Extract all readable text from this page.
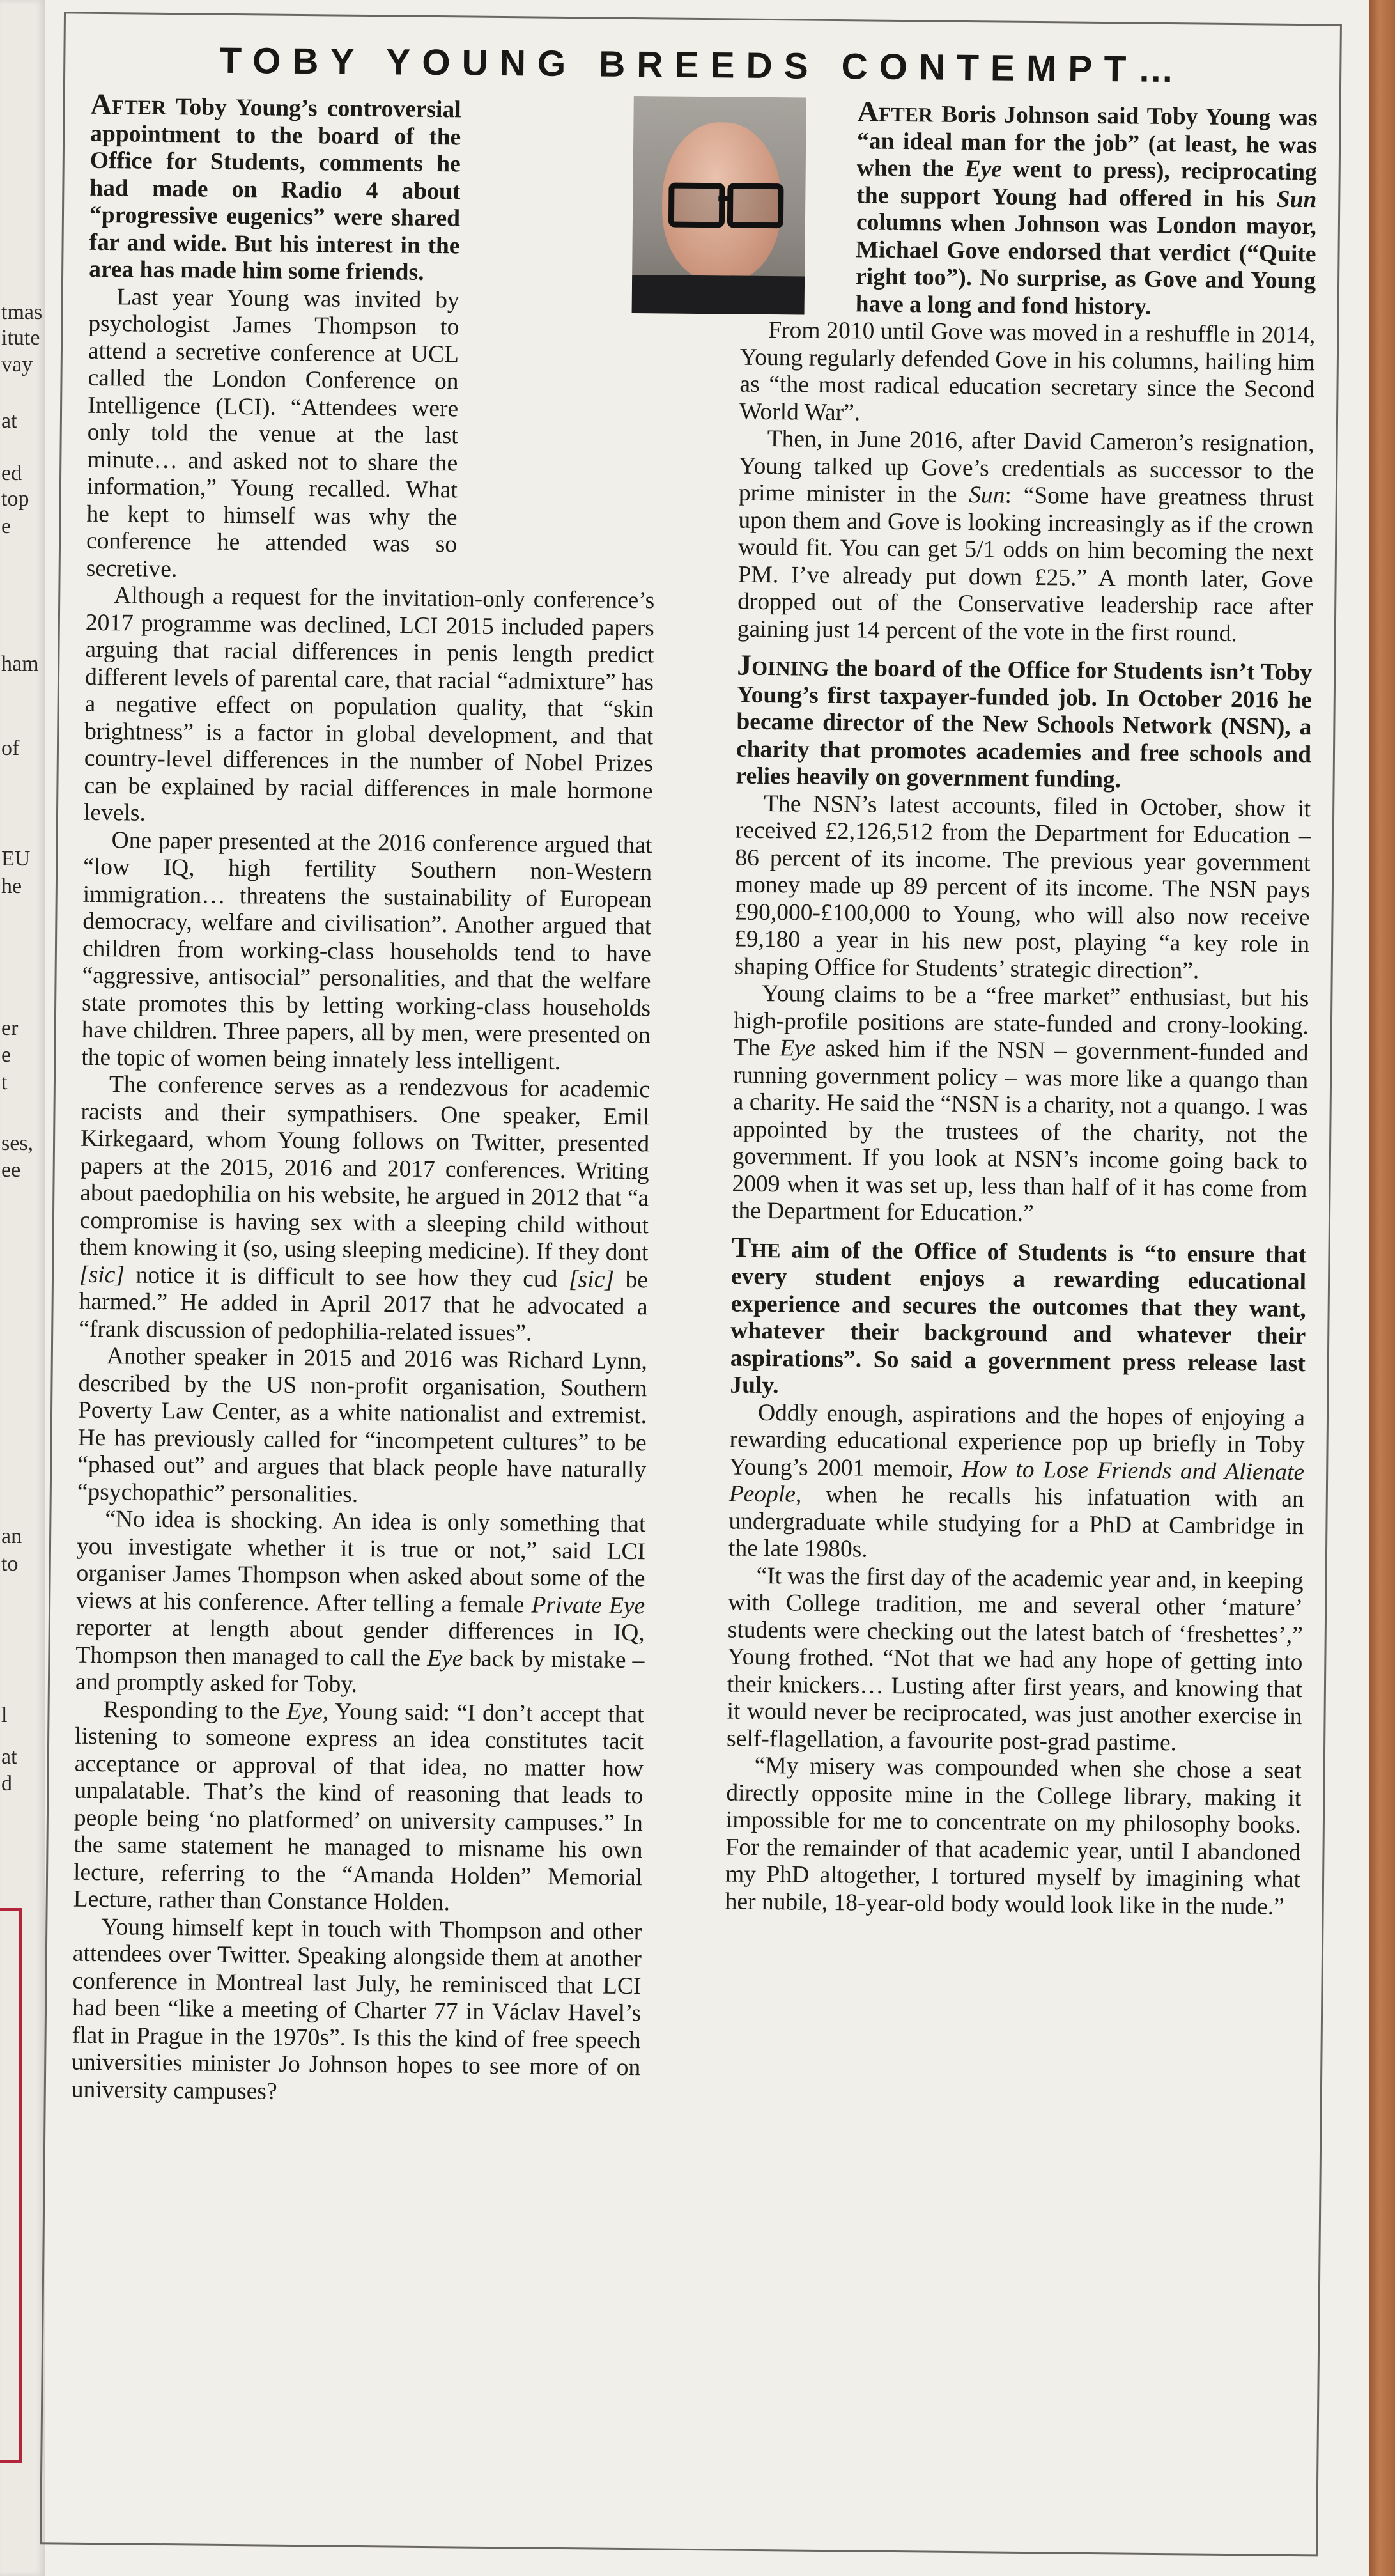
tmas
itute
vay
at
ed
top
e
ham
of
EU
he
er
e
t
ses,
ee
an
to
l
at
d
TOBY YOUNG BREEDS CONTEMPT…

After Toby Young’s controversial appointment to the board of the Office for Students, comments he had made on Radio 4 about “progressive eugenics” were shared far and wide. But his interest in the area has made him some friends.

Last year Young was invited by psychologist James Thompson to attend a secretive conference at UCL called the London Conference on Intelligence (LCI). “Attendees were only told the venue at the last minute… and asked not to share the information,” Young recalled. What he kept to himself was why the conference he attended was so secretive.

Although a request for the invitation-only conference’s 2017 programme was declined, LCI 2015 included papers arguing that racial differences in penis length predict different levels of parental care, that racial “admixture” has a negative effect on population quality, that “skin brightness” is a factor in global development, and that country-level differences in the number of Nobel Prizes can be explained by racial differences in male hormone levels.

One paper presented at the 2016 conference argued that “low IQ, high fertility Southern non-Western immigration… threatens the sustainability of European democracy, welfare and civilisation”. Another argued that children from working-class households tend to have “aggressive, antisocial” personalities, and that the welfare state promotes this by letting working-class households have children. Three papers, all by men, were presented on the topic of women being innately less intelligent.

The conference serves as a rendezvous for academic racists and their sympathisers. One speaker, Emil Kirkegaard, whom Young follows on Twitter, presented papers at the 2015, 2016 and 2017 conferences. Writing about paedophilia on his website, he argued in 2012 that “a compromise is having sex with a sleeping child without them knowing it (so, using sleeping medicine). If they dont [sic] notice it is difficult to see how they cud [sic] be harmed.” He added in April 2017 that he advocated a “frank discussion of pedophilia-related issues”.

Another speaker in 2015 and 2016 was Richard Lynn, described by the US non-profit organisation, Southern Poverty Law Center, as a white nationalist and extremist. He has previously called for “incompetent cultures” to be “phased out” and argues that black people have naturally “psychopathic” personalities.

“No idea is shocking. An idea is only something that you investigate whether it is true or not,” said LCI organiser James Thompson when asked about some of the views at his conference. After telling a female Private Eye reporter at length about gender differences in IQ, Thompson then managed to call the Eye back by mistake – and promptly asked for Toby.

Responding to the Eye, Young said: “I don’t accept that listening to someone express an idea constitutes tacit acceptance or approval of that idea, no matter how unpalatable. That’s the kind of reasoning that leads to people being ‘no platformed’ on university campuses.” In the same statement he managed to misname his own lecture, referring to the “Amanda Holden” Memorial Lecture, rather than Constance Holden.

Young himself kept in touch with Thompson and other attendees over Twitter. Speaking alongside them at another conference in Montreal last July, he reminisced that LCI had been “like a meeting of Charter 77 in Václav Havel’s flat in Prague in the 1970s”. Is this the kind of free speech universities minister Jo Johnson hopes to see more of on university campuses?

After Boris Johnson said Toby Young was “an ideal man for the job” (at least, he was when the Eye went to press), reciprocating the support Young had offered in his Sun columns when Johnson was London mayor, Michael Gove endorsed that verdict (“Quite right too”). No surprise, as Gove and Young have a long and fond history.

From 2010 until Gove was moved in a reshuffle in 2014, Young regularly defended Gove in his columns, hailing him as “the most radical education secretary since the Second World War”.

Then, in June 2016, after David Cameron’s resignation, Young talked up Gove’s credentials as successor to the prime minister in the Sun: “Some have greatness thrust upon them and Gove is looking increasingly as if the crown would fit. You can get 5/1 odds on him becoming the next PM. I’ve already put down £25.” A month later, Gove dropped out of the Conservative leadership race after gaining just 14 percent of the vote in the first round.

Joining the board of the Office for Students isn’t Toby Young’s first taxpayer-funded job. In October 2016 he became director of the New Schools Network (NSN), a charity that promotes academies and free schools and relies heavily on government funding.

The NSN’s latest accounts, filed in October, show it received £2,126,512 from the Department for Education – 86 percent of its income. The previous year government money made up 89 percent of its income. The NSN pays £90,000-£100,000 to Young, who will also now receive £9,180 a year in his new post, playing “a key role in shaping Office for Students’ strategic direction”.

Young claims to be a “free market” enthusiast, but his high-profile positions are state-funded and crony-looking. The Eye asked him if the NSN – government-funded and running government policy – was more like a quango than a charity. He said the “NSN is a charity, not a quango. I was appointed by the trustees of the charity, not the government. If you look at NSN’s income going back to 2009 when it was set up, less than half of it has come from the Department for Education.”

The aim of the Office of Students is “to ensure that every student enjoys a rewarding educational experience and secures the outcomes that they want, whatever their background and whatever their aspirations”. So said a government press release last July.

Oddly enough, aspirations and the hopes of enjoying a rewarding educational experience pop up briefly in Toby Young’s 2001 memoir, How to Lose Friends and Alienate People, when he recalls his infatuation with an undergraduate while studying for a PhD at Cambridge in the late 1980s.

“It was the first day of the academic year and, in keeping with College tradition, me and several other ‘mature’ students were checking out the latest batch of ‘freshettes’,” Young frothed. “Not that we had any hope of getting into their knickers… Lusting after first years, and knowing that it would never be reciprocated, was just another exercise in self-flagellation, a favourite post-grad pastime.

“My misery was compounded when she chose a seat directly opposite mine in the College library, making it impossible for me to concentrate on my philosophy books. For the remainder of that academic year, until I abandoned my PhD altogether, I tortured myself by imagining what her nubile, 18-year-old body would look like in the nude.”
